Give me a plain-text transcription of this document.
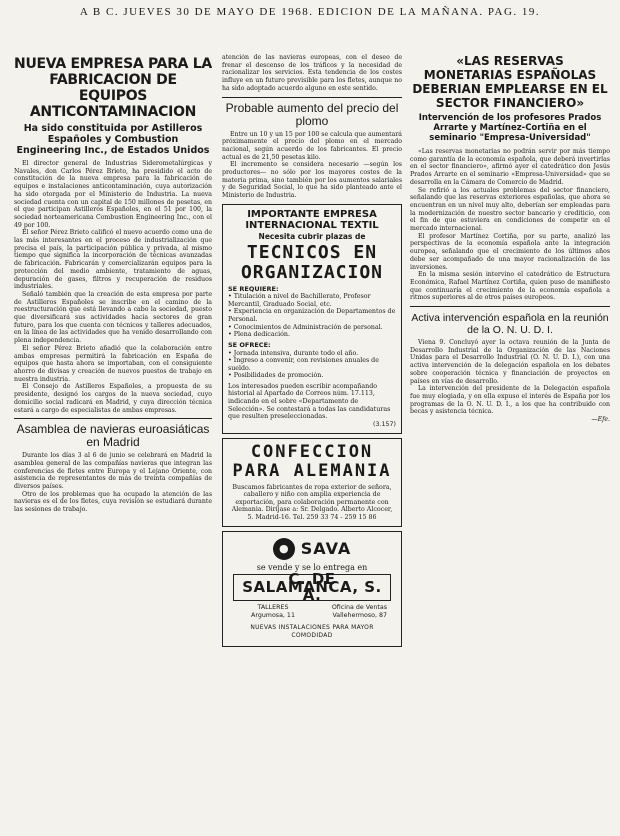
A B C. JUEVES 30 DE MAYO DE 1968. EDICION DE LA MAÑANA. PAG. 19.
NUEVA EMPRESA PARA LA FABRICACION DE EQUIPOS ANTICONTAMINACION
Ha sido constituida por Astilleros Españoles y Combustion Engineering Inc., de Estados Unidos

El director general de Industrias Siderometalúrgicas y Navales, don Carlos Pérez Brieto, ha presidido el acto de constitución de la nueva empresa para la fabricación de equipos e instalaciones anticontaminación, cuya autorización ha sido otorgada por el Ministerio de Industria. La nueva sociedad cuenta con un capital de 150 millones de pesetas, en el que participan Astilleros Españoles, en el 51 por 100, la sociedad norteamericana Combustion Engineering Inc., con el 49 por 100.

El señor Pérez Brieto calificó el nuevo acuerdo como una de las más interesantes en el proceso de industrialización que precisa el país, la participación pública y privada, al mismo tiempo que significa la incorporación de técnicas avanzadas de fabricación. Fabricarán y comercializarán equipos para la protección del medio ambiente, tratamiento de aguas, depuración de gases, filtros y recuperación de residuos industriales.

Señaló también que la creación de esta empresa por parte de Astilleros Españoles se inscribe en el camino de la reestructuración que está llevando a cabo la sociedad, puesto que diversificará sus actividades hacia sectores de gran futuro, para los que cuenta con técnicos y talleres adecuados, en la línea de las actividades que ha venido desarrollando con plena independencia.

El señor Pérez Brieto añadió que la colaboración entre ambas empresas permitirá la fabricación en España de equipos que hasta ahora se importaban, con el consiguiente ahorro de divisas y creación de nuevos puestos de trabajo en nuestra industria.

El Consejo de Astilleros Españoles, a propuesta de su presidente, designó los cargos de la nueva sociedad, cuyo domicilio social radicará en Madrid, y cuya dirección técnica estará a cargo de especialistas de ambas empresas.

Asamblea de navieras euroasiáticas en Madrid

Durante los días 3 al 6 de junio se celebrará en Madrid la asamblea general de las compañías navieras que integran las conferencias de fletes entre Europa y el Lejano Oriente, con asistencia de representantes de más de treinta compañías de diversos países.

Otro de los problemas que ha ocupado la atención de las navieras es el de los fletes, cuya revisión se estudiará durante las sesiones de trabajo.

atención de las navieras europeas, con el deseo de frenar el descenso de los tráficos y la necesidad de racionalizar los servicios. Esta tendencia de los costes influye en un futuro previsible para los fletes, aunque no ha sido adoptado acuerdo alguno en este sentido.

Probable aumento del precio del plomo

Entre un 10 y un 15 por 100 se calcula que aumentará próximamente el precio del plomo en el mercado nacional, según acuerdo de los fabricantes. El precio actual es de 21,50 pesetas kilo.

El incremento se considera necesario —según los productores— no sólo por los mayores costes de la materia prima, sino también por los aumentos salariales y de Seguridad Social, lo que ha sido planteado ante el Ministerio de Industria.

IMPORTANTE EMPRESA INTERNACIONAL TEXTIL
Necesita cubrir plazas de
TECNICOS EN
ORGANIZACION
SE REQUIERE:
• Titulación a nivel de Bachillerato, Profesor Mercantil, Graduado Social, etc.
• Experiencia en organización de Departamentos de Personal.
• Conocimientos de Administración de personal.
• Plena dedicación.
SE OFRECE:
• Jornada intensiva, durante todo el año.
• Ingreso a convenir, con revisiones anuales de sueldo.
• Posibilidades de promoción.
Los interesados pueden escribir acompañando historial al Apartado de Correos núm. 17.113, indicando en el sobre «Departamento de Selección». Se contestará a todas las candidaturas que resulten preseleccionadas.
(3.157)
CONFECCION
PARA ALEMANIA
Buscamos fabricantes de ropa exterior de señora, caballero y niño con amplia experiencia de exportación, para colaboración permanente con Alemania. Diríjase a: Sr. Delgado. Alberto Alcocer, 5. Madrid-16. Tel. 259 33 74 - 259 15 86
● SAVA
se vende y se lo entrega en
C. DE SALAMANCA, S. A.
TALLERES
Argumosa, 11
Oficina de Ventas
Vallehermoso, 87
NUEVAS INSTALACIONES PARA MAYOR COMODIDAD
«LAS RESERVAS MONETARIAS ESPAÑOLAS DEBERIAN EMPLEARSE EN EL SECTOR FINANCIERO»
Intervención de los profesores Prados Arrarte y Martínez-Cortiña en el seminario "Empresa-Universidad"

«Las reservas monetarias no podrán servir por más tiempo como garantía de la economía española, que deberá invertirlas en el sector financiero», afirmó ayer el catedrático don Jesús Prados Arrarte en el seminario «Empresa-Universidad» que se desarrolla en la Cámara de Comercio de Madrid.

Se refirió a los actuales problemas del sector financiero, señalando que las reservas exteriores españolas, que ahora se encuentran en un nivel muy alto, deberían ser empleadas para la modernización de nuestro sector bancario y crediticio, con el fin de que estuviera en condiciones de competir en el mercado internacional.

El profesor Martínez Cortiña, por su parte, analizó las perspectivas de la economía española ante la integración europea, señalando que el crecimiento de los últimos años debe ser acompañado de una mayor racionalización de las inversiones.

En la misma sesión intervino el catedrático de Estructura Económica, Rafael Martínez Cortiña, quien puso de manifiesto que continuaría el crecimiento de la economía española a ritmos superiores al de otros países europeos.

Activa intervención española en la reunión de la O. N. U. D. I.

Viena 9. Concluyó ayer la octava reunión de la Junta de Desarrollo Industrial de la Organización de las Naciones Unidas para el Desarrollo Industrial (O. N. U. D. I.), con una activa intervención de la delegación española en los debates sobre cooperación técnica y financiación de proyectos en países en vías de desarrollo.

La intervención del presidente de la Delegación española fue muy elogiada, y en ella expuso el interés de España por los programas de la O. N. U. D. I., a los que ha contribuido con becas y asistencia técnica.

—Efe.
